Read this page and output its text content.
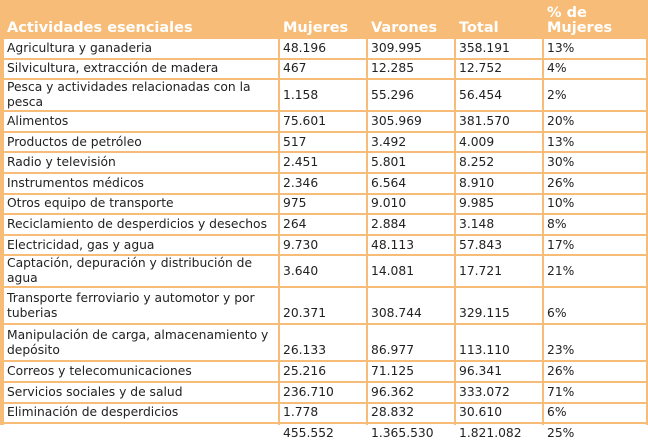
Actividades esenciales	Mujeres	Varones	Total	% de Mujeres
Agricultura y ganaderia	48.196	309.995	358.191	13%
Silvicultura, extracción de madera	467	12.285	12.752	4%
Pesca y actividades relacionadas con la pesca	1.158	55.296	56.454	2%
Alimentos	75.601	305.969	381.570	20%
Productos de petróleo	517	3.492	4.009	13%
Radio y televisión	2.451	5.801	8.252	30%
Instrumentos médicos	2.346	6.564	8.910	26%
Otros equipo de transporte	975	9.010	9.985	10%
Reciclamiento de desperdicios y desechos	264	2.884	3.148	8%
Electricidad, gas y agua	9.730	48.113	57.843	17%
Captación, depuración y distribución de agua	3.640	14.081	17.721	21%
Transporte ferroviario y automotor y por tuberias	20.371	308.744	329.115	6%
Manipulación de carga, almacenamiento y depósito	26.133	86.977	113.110	23%
Correos y telecomunicaciones	25.216	71.125	96.341	26%
Servicios sociales y de salud	236.710	96.362	333.072	71%
Eliminación de desperdicios	1.778	28.832	30.610	6%
	455.552	1.365.530	1.821.082	25%
